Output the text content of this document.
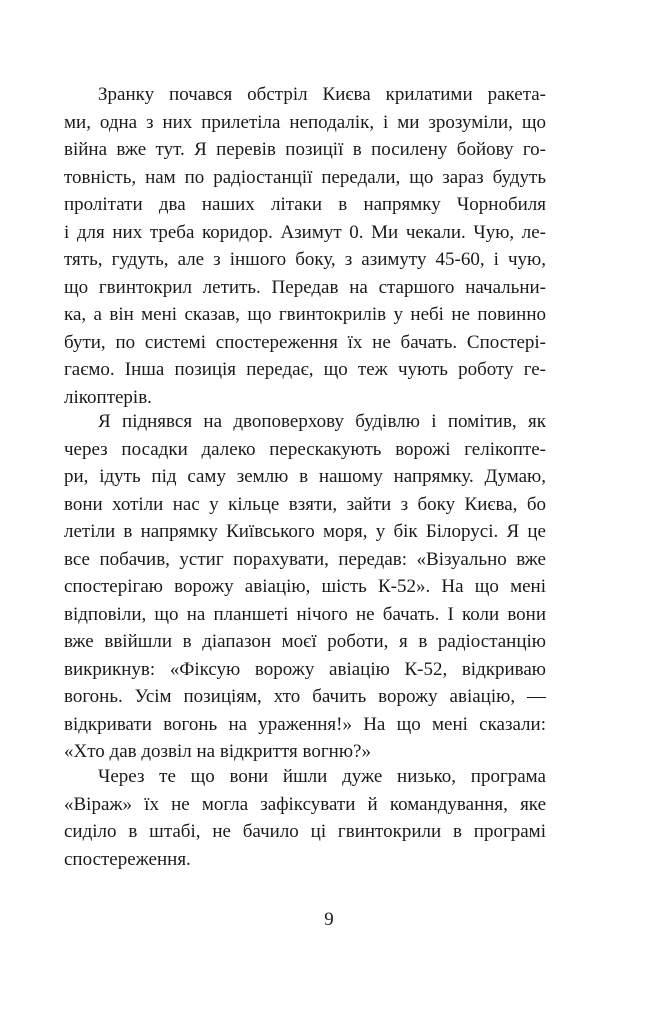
Зранку почався обстріл Києва крилатими ракета-
ми, одна з них прилетіла неподалік, і ми зрозуміли, що
війна вже тут. Я перевів позиції в посилену бойову го-
товність, нам по радіостанції передали, що зараз будуть
пролітати два наших літаки в напрямку Чорнобиля
і для них треба коридор. Азимут 0. Ми чекали. Чую, ле-
тять, гудуть, але з іншого боку, з азимуту 45-60, і чую,
що гвинтокрил летить. Передав на старшого начальни-
ка, а він мені сказав, що гвинтокрилів у небі не повинно
бути, по системі спостереження їх не бачать. Спостері-
гаємо. Інша позиція передає, що теж чують роботу ге-
лікоптерів.
Я піднявся на двоповерхову будівлю і помітив, як
через посадки далеко перескакують ворожі гелікопте-
ри, ідуть під саму землю в нашому напрямку. Думаю,
вони хотіли нас у кільце взяти, зайти з боку Києва, бо
летіли в напрямку Київського моря, у бік Білорусі. Я це
все побачив, устиг порахувати, передав: «Візуально вже
спостерігаю ворожу авіацію, шість К-52». На що мені
відповіли, що на планшеті нічого не бачать. І коли вони
вже ввійшли в діапазон моєї роботи, я в радіостанцію
викрикнув: «Фіксую ворожу авіацію К-52, відкриваю
вогонь. Усім позиціям, хто бачить ворожу авіацію, —
відкривати вогонь на ураження!» На що мені сказали:
«Хто дав дозвіл на відкриття вогню?»
Через те що вони йшли дуже низько, програма
«Віраж» їх не могла зафіксувати й командування, яке
сиділо в штабі, не бачило ці гвинтокрили в програмі
спостереження.
9
